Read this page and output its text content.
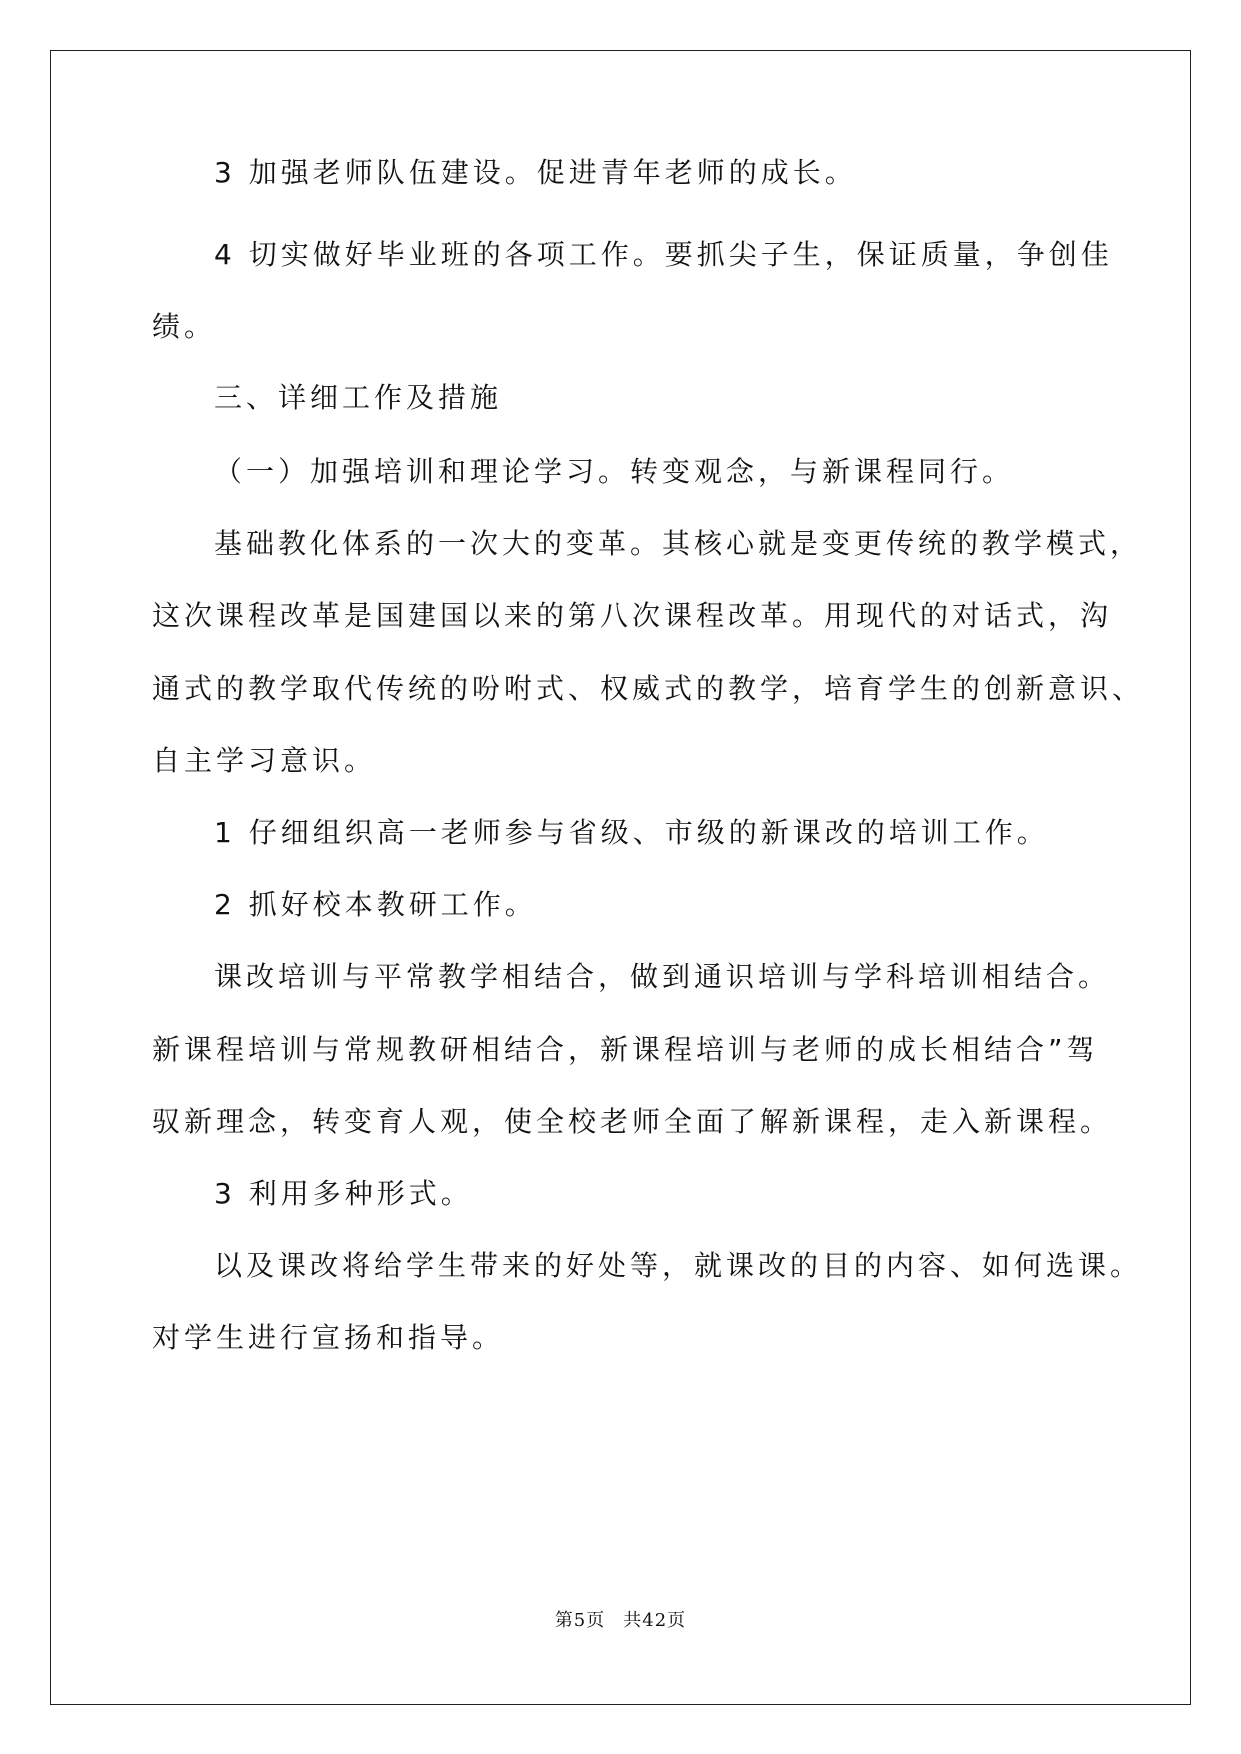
3 加强老师队伍建设。促进青年老师的成长。

4 切实做好毕业班的各项工作。要抓尖子生，保证质量，争创佳

绩。

三、详细工作及措施

（一）加强培训和理论学习。转变观念，与新课程同行。

基础教化体系的一次大的变革。其核心就是变更传统的教学模式，

这次课程改革是国建国以来的第八次课程改革。用现代的对话式，沟

通式的教学取代传统的吩咐式、权威式的教学，培育学生的创新意识、

自主学习意识。

1 仔细组织高一老师参与省级、市级的新课改的培训工作。

2 抓好校本教研工作。

课改培训与平常教学相结合，做到通识培训与学科培训相结合。

新课程培训与常规教研相结合，新课程培训与老师的成长相结合”驾

驭新理念，转变育人观，使全校老师全面了解新课程，走入新课程。

3 利用多种形式。

以及课改将给学生带来的好处等，就课改的目的内容、如何选课。

对学生进行宣扬和指导。

第5页 共42页
